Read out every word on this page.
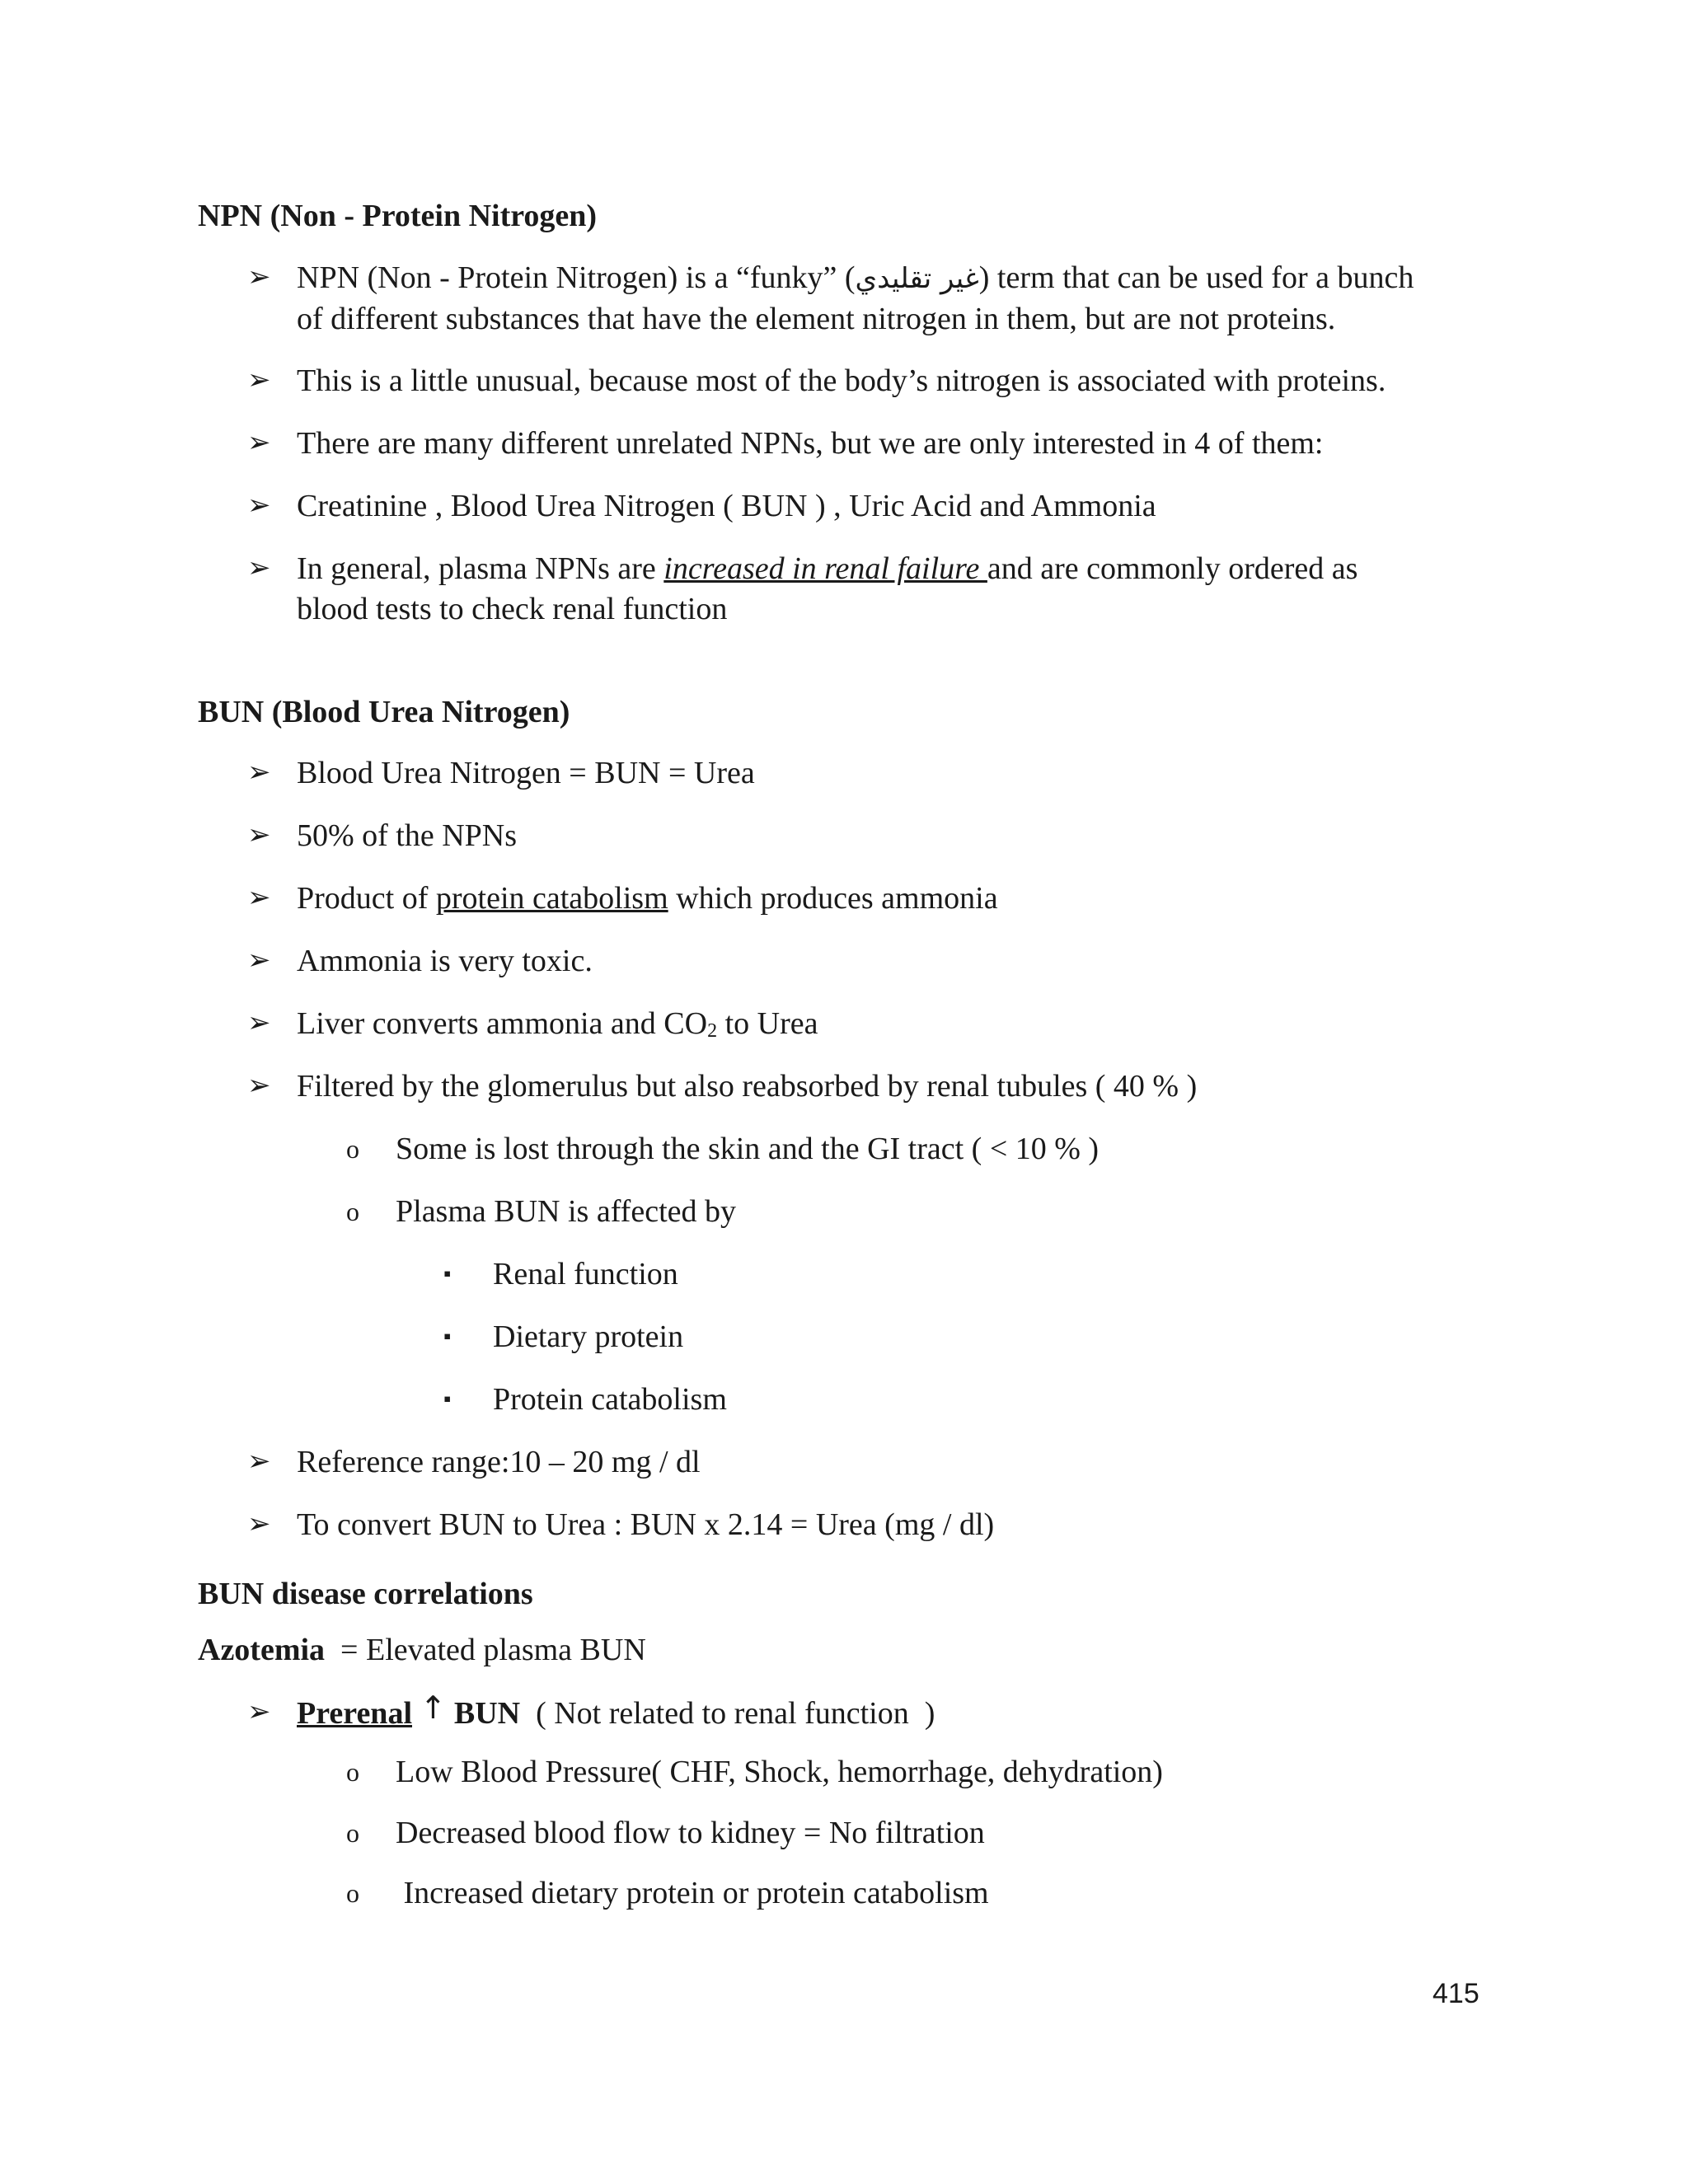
NPN (Non - Protein Nitrogen)
➢ NPN (Non - Protein Nitrogen) is a “funky” (غير تقليدي) term that can be used for a bunch
of different substances that have the element nitrogen in them, but are not proteins.
➢ This is a little unusual, because most of the body’s nitrogen is associated with proteins.
➢ There are many different unrelated NPNs, but we are only interested in 4 of them:
➢ Creatinine , Blood Urea Nitrogen ( BUN ) , Uric Acid and Ammonia
➢ In general, plasma NPNs are increased in renal failure and are commonly ordered as
blood tests to check renal function
BUN (Blood Urea Nitrogen)
➢ Blood Urea Nitrogen = BUN = Urea
➢ 50% of the NPNs
➢ Product of protein catabolism which produces ammonia
➢ Ammonia is very toxic.
➢ Liver converts ammonia and $CO_2$ to Urea
➢ Filtered by the glomerulus but also reabsorbed by renal tubules ( 40 % )
o Some is lost through the skin and the GI tract ( < 10 % )
o Plasma BUN is affected by
▪ Renal function
▪ Dietary protein
▪ Protein catabolism
➢ Reference range:10 – 20 mg / dl
➢ To convert BUN to Urea : BUN x 2.14 = Urea (mg / dl)
BUN disease correlations
Azotemia  = Elevated plasma BUN
➢ Prerenal ↑ BUN  ( Not related to renal function  )
o Low Blood Pressure( CHF, Shock, hemorrhage, dehydration)
o Decreased blood flow to kidney = No filtration
o Increased dietary protein or protein catabolism
415
